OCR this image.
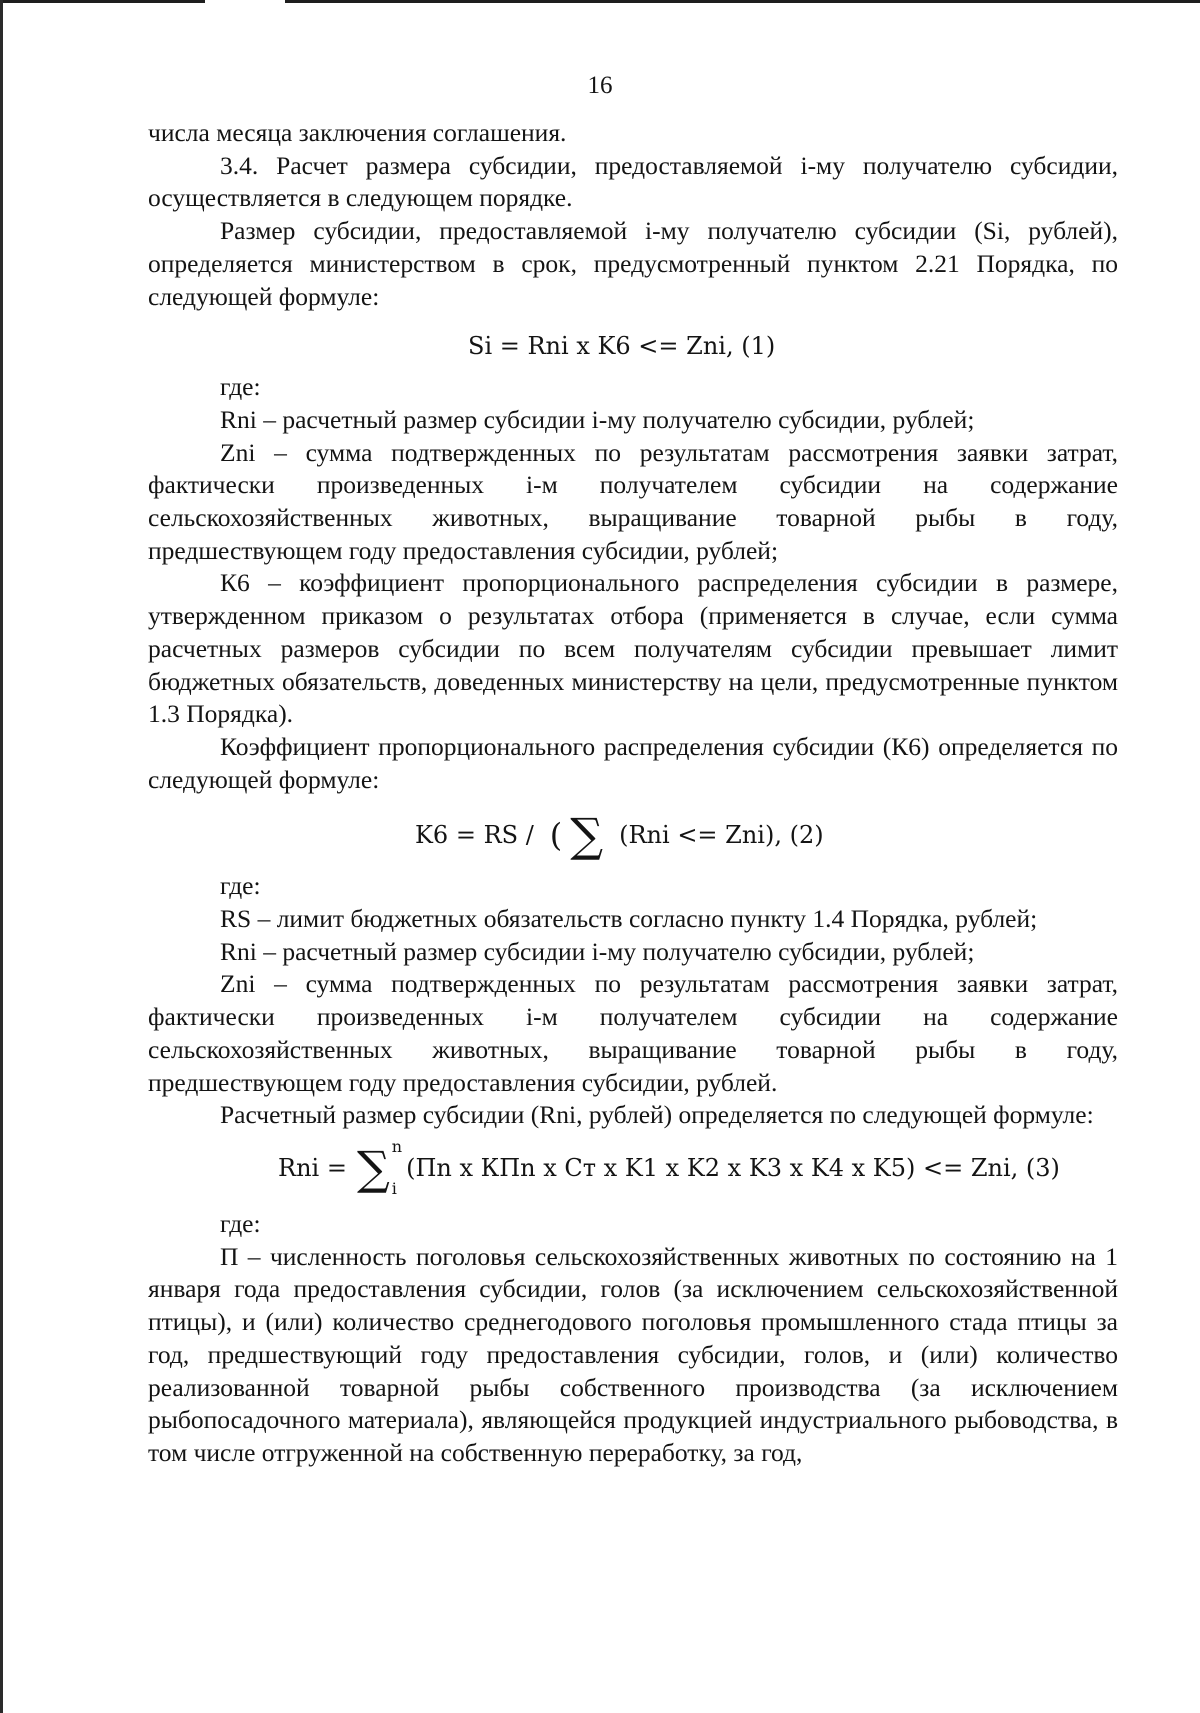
16

числа месяца заключения соглашения.

3.4. Расчет размера субсидии, предоставляемой i-му получателю субсидии, осуществляется в следующем порядке.

Размер субсидии, предоставляемой i-му получателю субсидии (Si, рублей), определяется министерством в срок, предусмотренный пунктом 2.21 Порядка, по следующей формуле:

Si = Rni x K6 <= Zni, (1)

где:

Rni – расчетный размер субсидии i-му получателю субсидии, рублей;

Zni – сумма подтвержденных по результатам рассмотрения заявки затрат, фактически произведенных i-м получателем субсидии на содержание сельскохозяйственных животных, выращивание товарной рыбы в году, предшествующем году предоставления субсидии, рублей;

К6 – коэффициент пропорционального распределения субсидии в размере, утвержденном приказом о результатах отбора (применяется в случае, если сумма расчетных размеров субсидии по всем получателям субсидии превышает лимит бюджетных обязательств, доведенных министерству на цели, предусмотренные пунктом 1.3 Порядка).

Коэффициент пропорционального распределения субсидии (К6) определяется по следующей формуле:

K6 = RS / ( ∑ (Rni <= Zni), (2)

где:

RS – лимит бюджетных обязательств согласно пункту 1.4 Порядка, рублей;

Rni – расчетный размер субсидии i-му получателю субсидии, рублей;

Zni – сумма подтвержденных по результатам рассмотрения заявки затрат, фактически произведенных i-м получателем субсидии на содержание сельскохозяйственных животных, выращивание товарной рыбы в году, предшествующем году предоставления субсидии, рублей.

Расчетный размер субсидии (Rni, рублей) определяется по следующей формуле:

Rni = ∑ n
i
(Пn x КПn x Cт x K1 x K2 x K3 x K4 x K5) <= Zni, (3)

где:

П – численность поголовья сельскохозяйственных животных по состоянию на 1 января года предоставления субсидии, голов (за исключением сельскохозяйственной птицы), и (или) количество среднегодового поголовья промышленного стада птицы за год, предшествующий году предоставления субсидии, голов, и (или) количество реализованной товарной рыбы собственного производства (за исключением рыбопосадочного материала), являющейся продукцией индустриального рыбоводства, в том числе отгруженной на собственную переработку, за год,
